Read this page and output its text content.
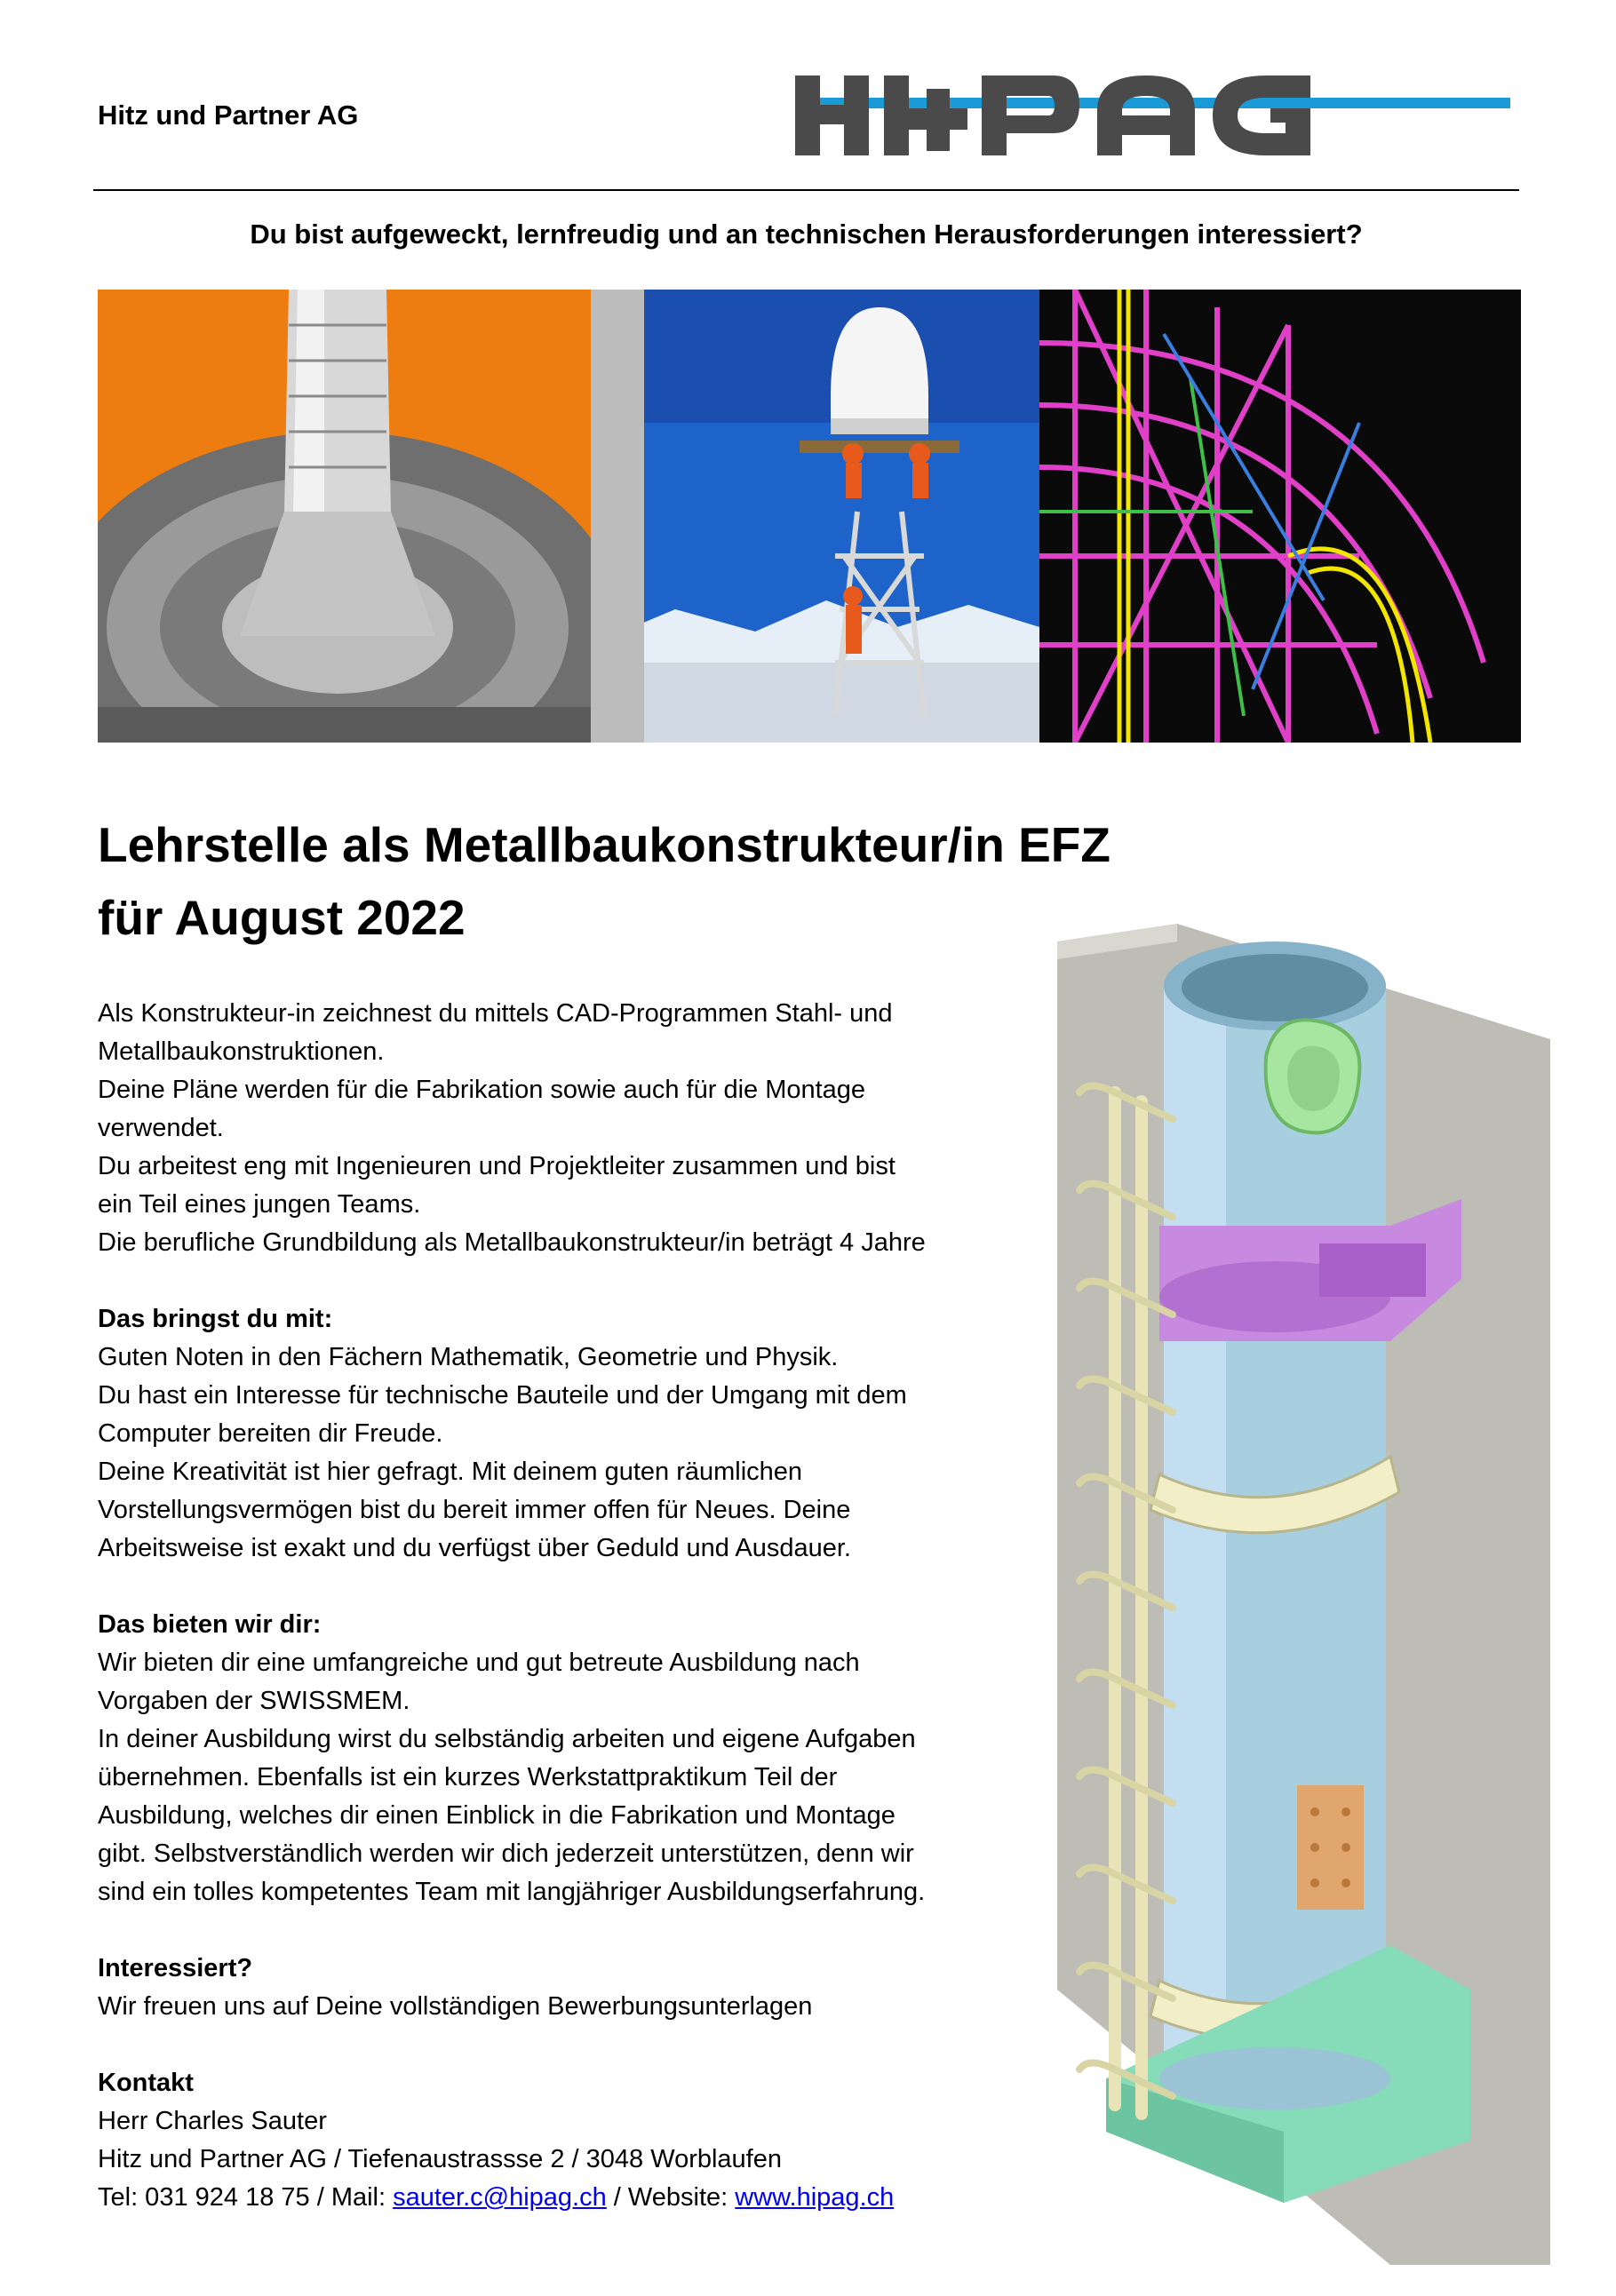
Hitz und Partner AG
Du bist aufgeweckt, lernfreudig und an technischen Herausforderungen interessiert?
Lehrstelle als Metallbaukonstrukteur/in EFZ
für August 2022

Als Konstrukteur-in zeichnest du mittels CAD-Programmen Stahl- und

Metallbaukonstruktionen.

Deine Pläne werden für die Fabrikation sowie auch für die Montage

verwendet.

Du arbeitest eng mit Ingenieuren und Projektleiter zusammen und bist

ein Teil eines jungen Teams.

Die berufliche Grundbildung als Metallbaukonstrukteur/in beträgt 4 Jahre

Das bringst du mit:

Guten Noten in den Fächern Mathematik, Geometrie und Physik.

Du hast ein Interesse für technische Bauteile und der Umgang mit dem

Computer bereiten dir Freude.

Deine Kreativität ist hier gefragt. Mit deinem guten räumlichen

Vorstellungsvermögen bist du bereit immer offen für Neues. Deine

Arbeitsweise ist exakt und du verfügst über Geduld und Ausdauer.

Das bieten wir dir:

Wir bieten dir eine umfangreiche und gut betreute Ausbildung nach

Vorgaben der SWISSMEM.

In deiner Ausbildung wirst du selbständig arbeiten und eigene Aufgaben

übernehmen. Ebenfalls ist ein kurzes Werkstattpraktikum Teil der

Ausbildung, welches dir einen Einblick in die Fabrikation und Montage

gibt. Selbstverständlich werden wir dich jederzeit unterstützen, denn wir

sind ein tolles kompetentes Team mit langjähriger Ausbildungserfahrung.

Interessiert?

Wir freuen uns auf Deine vollständigen Bewerbungsunterlagen

Kontakt

Herr Charles Sauter

Hitz und Partner AG / Tiefenaustrassse 2 / 3048 Worblaufen

Tel: 031 924 18 75 / Mail: sauter.c@hipag.ch / Website: www.hipag.ch
